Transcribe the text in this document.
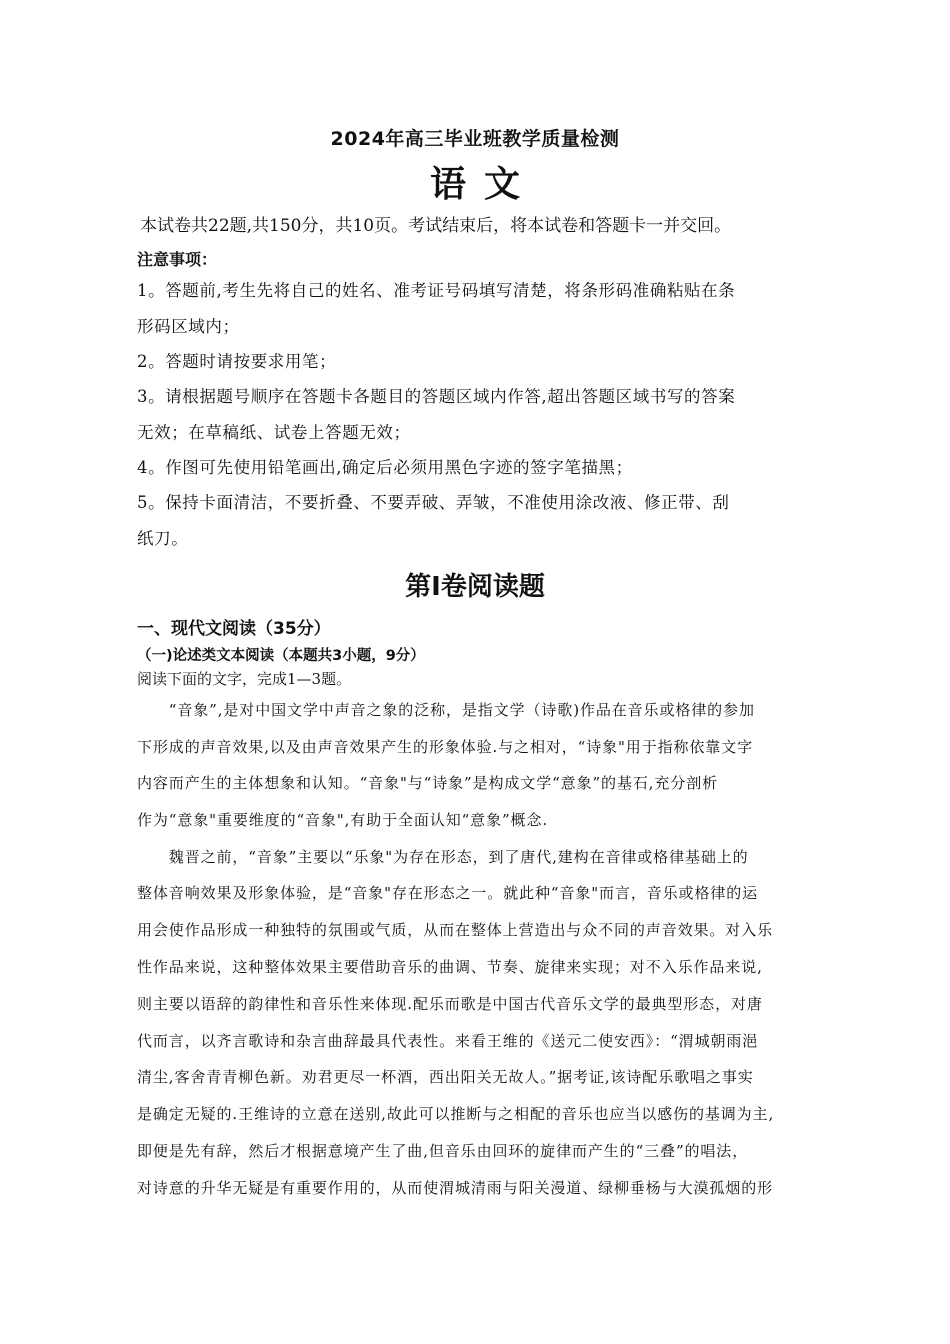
2024年高三毕业班教学质量检测
语文
本试卷共22题,共150分，共10页。考试结束后，将本试卷和答题卡一并交回。
注意事项：
1。答题前,考生先将自己的姓名、准考证号码填写清楚，将条形码准确粘贴在条
形码区域内；
2。答题时请按要求用笔；
3。请根据题号顺序在答题卡各题目的答题区域内作答,超出答题区域书写的答案
无效；在草稿纸、试卷上答题无效；
4。作图可先使用铅笔画出,确定后必须用黑色字迹的签字笔描黑；
5。保持卡面清洁，不要折叠、不要弄破、弄皱，不准使用涂改液、修正带、刮
纸刀。
第I卷阅读题
一、现代文阅读（35分）
（一)论述类文本阅读（本题共3小题，9分）
阅读下面的文字，完成1—3题。
　　“音象”,是对中国文学中声音之象的泛称，是指文学（诗歌)作品在音乐或格律的参加
下形成的声音效果,以及由声音效果产生的形象体验.与之相对，“诗象"用于指称依靠文字
内容而产生的主体想象和认知。“音象"与“诗象”是构成文学“意象”的基石,充分剖析
作为“意象"重要维度的“音象",有助于全面认知“意象”概念.
　　魏晋之前，“音象”主要以“乐象"为存在形态，到了唐代,建构在音律或格律基础上的
整体音响效果及形象体验，是“音象"存在形态之一。就此种“音象"而言，音乐或格律的运
用会使作品形成一种独特的氛围或气质，从而在整体上营造出与众不同的声音效果。对入乐
性作品来说，这种整体效果主要借助音乐的曲调、节奏、旋律来实现；对不入乐作品来说,
则主要以语辞的韵律性和音乐性来体现.配乐而歌是中国古代音乐文学的最典型形态，对唐
代而言，以齐言歌诗和杂言曲辞最具代表性。来看王维的《送元二使安西》：“渭城朝雨浥
清尘,客舍青青柳色新。劝君更尽一杯酒，西出阳关无故人。”据考证,该诗配乐歌唱之事实
是确定无疑的.王维诗的立意在送别,故此可以推断与之相配的音乐也应当以感伤的基调为主,
即便是先有辞，然后才根据意境产生了曲,但音乐由回环的旋律而产生的“三叠”的唱法，
对诗意的升华无疑是有重要作用的，从而使渭城清雨与阳关漫道、绿柳垂杨与大漠孤烟的形
